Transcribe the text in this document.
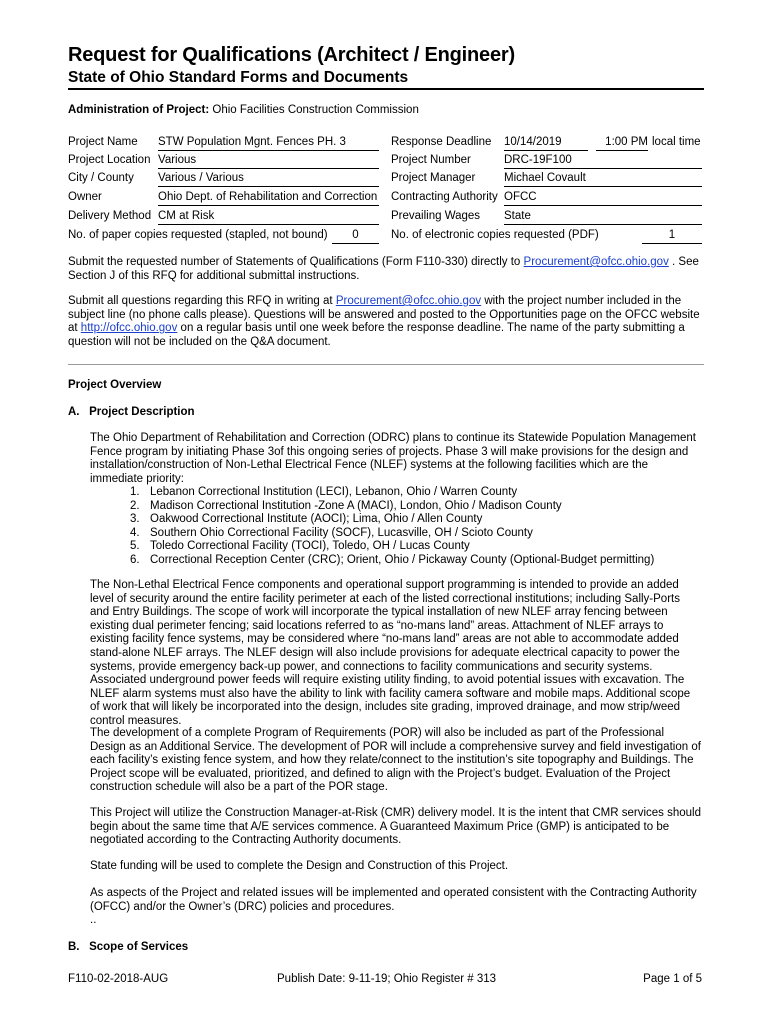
Request for Qualifications (Architect / Engineer)
State of Ohio Standard Forms and Documents
Administration of Project: Ohio Facilities Construction Commission
Project Name STW Population Mgnt. Fences PH. 3
Project Location Various
City / County Various / Various
Owner	Ohio Dept. of Rehabilitation and Correction
Delivery Method CM at Risk
No. of paper copies requested (stapled, not bound)	0
Response Deadline 10/14/2019	1:00 PM local time
Project Number	DRC-19F100
Project Manager Michael Covault
Contracting Authority OFCC
Prevailing Wages State
No. of electronic copies requested (PDF)	1
Submit the requested number of Statements of Qualifications (Form F110-330) directly to Procurement@ofcc.ohio.gov . See
Section J of this RFQ for additional submittal instructions.
Submit all questions regarding this RFQ in writing at Procurement@ofcc.ohio.gov with the project number included in the subject line (no phone calls please). Questions will be answered and posted to the Opportunities page on the OFCC website at http://ofcc.ohio.gov on a regular basis until one week before the response deadline. The name of the party submitting a question will not be included on the Q&A document.
Project Overview
A. Project Description
The Ohio Department of Rehabilitation and Correction (ODRC) plans to continue its Statewide Population Management Fence program by initiating Phase 3of this ongoing series of projects. Phase 3 will make provisions for the design and installation/construction of Non-Lethal Electrical Fence (NLEF) systems at the following facilities which are the immediate priority:
1. Lebanon Correctional Institution (LECI), Lebanon, Ohio / Warren County
2. Madison Correctional Institution -Zone A (MACI), London, Ohio / Madison County
3. Oakwood Correctional Institute (AOCI); Lima, Ohio / Allen County
4. Southern Ohio Correctional Facility (SOCF), Lucasville, OH / Scioto County
5. Toledo Correctional Facility (TOCI), Toledo, OH / Lucas County
6. Correctional Reception Center (CRC); Orient, Ohio / Pickaway County (Optional-Budget permitting)
The Non-Lethal Electrical Fence components and operational support programming is intended to provide an added level of security around the entire facility perimeter at each of the listed correctional institutions; including Sally-Ports and Entry Buildings. The scope of work will incorporate the typical installation of new NLEF array fencing between existing dual perimeter fencing; said locations referred to as “no-mans land” areas. Attachment of NLEF arrays to existing facility fence systems, may be considered where “no-mans land” areas are not able to accommodate added stand-alone NLEF arrays. The NLEF design will also include provisions for adequate electrical capacity to power the systems, provide emergency back-up power, and connections to facility communications and security systems. Associated underground power feeds will require existing utility finding, to avoid potential issues with excavation. The NLEF alarm systems must also have the ability to link with facility camera software and mobile maps. Additional scope of work that will likely be incorporated into the design, includes site grading, improved drainage, and mow strip/weed control measures.
The development of a complete Program of Requirements (POR) will also be included as part of the Professional Design as an Additional Service. The development of POR will include a comprehensive survey and field investigation of each facility’s existing fence system, and how they relate/connect to the institution’s site topography and Buildings. The Project scope will be evaluated, prioritized, and defined to align with the Project’s budget. Evaluation of the Project construction schedule will also be a part of the POR stage.
This Project will utilize the Construction Manager-at-Risk (CMR) delivery model. It is the intent that CMR services should begin about the same time that A/E services commence. A Guaranteed Maximum Price (GMP) is anticipated to be negotiated according to the Contracting Authority documents.
State funding will be used to complete the Design and Construction of this Project.
As aspects of the Project and related issues will be implemented and operated consistent with the Contracting Authority (OFCC) and/or the Owner’s (DRC) policies and procedures.
..
B. Scope of Services
F110-02-2018-AUG	Publish Date: 9-11-19; Ohio Register # 313	Page 1 of 5
